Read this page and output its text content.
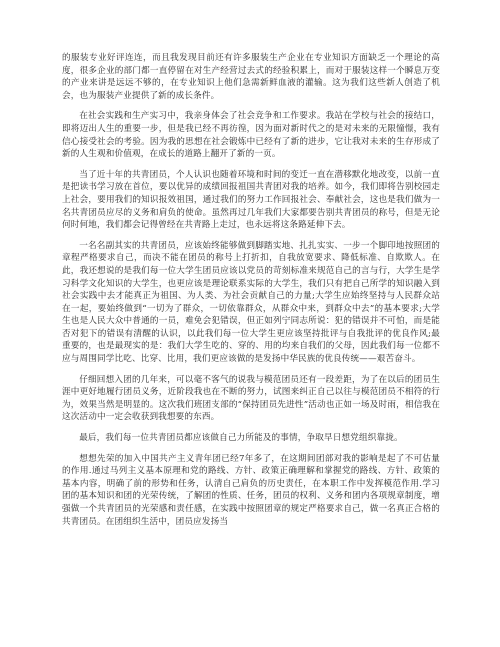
的服装专业好评连连，而且我发现目前还有许多服装生产企业在专业知识方面缺乏一个理论的高度，很多企业的部门都一直停留在对生产经营过去式的经验积累上，而对于服装这样一个瞬息万变的产业来讲是远远不够的，在专业知识上他们急需新鲜血液的灌输。这为我们这些新人创造了机会，也为服装产业提供了新的成长条件。

在社会实践和生产实习中，我亲身体会了社会竞争和工作要求。我站在学校与社会的接结口，即将迈出人生的重要一步，但是我已经不再彷徨，因为面对新时代之的是对未来的无限憧憬，我有信心接受社会的考验。因为我的思想在社会锻炼中已经有了新的进步，它让我对未来的生存形成了新的人生观和价值观，在成长的道路上翻开了新的一页。

当了近十年的共青团员，个人认识也随着环境和时间的变迁一直在潜移默化地改变，以前一直是把读书学习放在首位，要以优异的成绩回报祖国共青团对我的培养。如今，我们即将告别校园走上社会，要用我们的知识报效祖国，通过我们的努力工作回报社会、奉献社会，这也是我们做为一名共青团员应尽的义务和肩负的使命。虽然再过几年我们大家都要告别共青团员的称号，但是无论何时何地，我们都会记得曾经在共青路上走过，也永远将这条路延伸下去。

一名名副其实的共青团员，应该始终能够做到脚踏实地、扎扎实实、一步一个脚印地按照团的章程严格要求自己，而决不能在团员的称号上打折扣，自我放宽要求、降低标准、自欺欺人。在此，我还想说的是我们每一位大学生团员应该以党员的苛刻标准来规范自己的言与行，大学生是学习科学文化知识的大学生，也更应该是理论联系实际的大学生，我们只有把自己所学的知识融入到社会实践中去才能真正为祖国、为人类、为社会贡献自己的力量;大学生应始终坚持与人民群众站在一起，要始终做到“一切为了群众，一切依靠群众，从群众中来，到群众中去”的基本要求;大学生也是人民大众中普通的一员，难免会犯错误，但正如列宁同志所说：犯的错误并不可怕，而是能否对犯下的错误有清醒的认识，以此我们每一位大学生更应该坚持批评与自我批评的优良作风;最重要的，也是最现实的是：我们大学生吃的、穿的、用的均来自我们的父母，因此我们每一位都不应与周围同学比吃、比穿、比用，我们更应该做的是发扬中华民族的优良传统——艰苦奋斗。

仔细回想入团的几年来，可以毫不客气的说我与模范团员还有一段差距，为了在以后的团员生涯中更好地履行团员义务，近阶段我也在不断的努力，试图来纠正自己以往与模范团员不相符的行为，效果当然是明显的。这次我们班团支部的“保持团员先进性”活动也正如一场及时雨，相信我在这次活动中一定会收获到我想要的东西。

最后，我们每一位共青团员都应该做自己力所能及的事情，争取早日想党组织靠拢。

想想先荣的加入中国共产主义青年团已经7年多了，在这期间团部对我的影响是起了不可估量的作用.通过马列主义基本原理和党的路线、方针、政策正确理解和掌握党的路线、方针、政策的基本内容，明确了前的形势和任务，认清自己肩负的历史责任，在本职工作中发挥模范作用.学习团的基本知识和团的光荣传统，了解团的性质、任务，团员的权利、义务和团内各项规章制度，增强做一个共青团员的光荣感和责任感，在实践中按照团章的规定严格要求自己，做一名真正合格的共青团员。在团组织生活中，团员应发扬当
